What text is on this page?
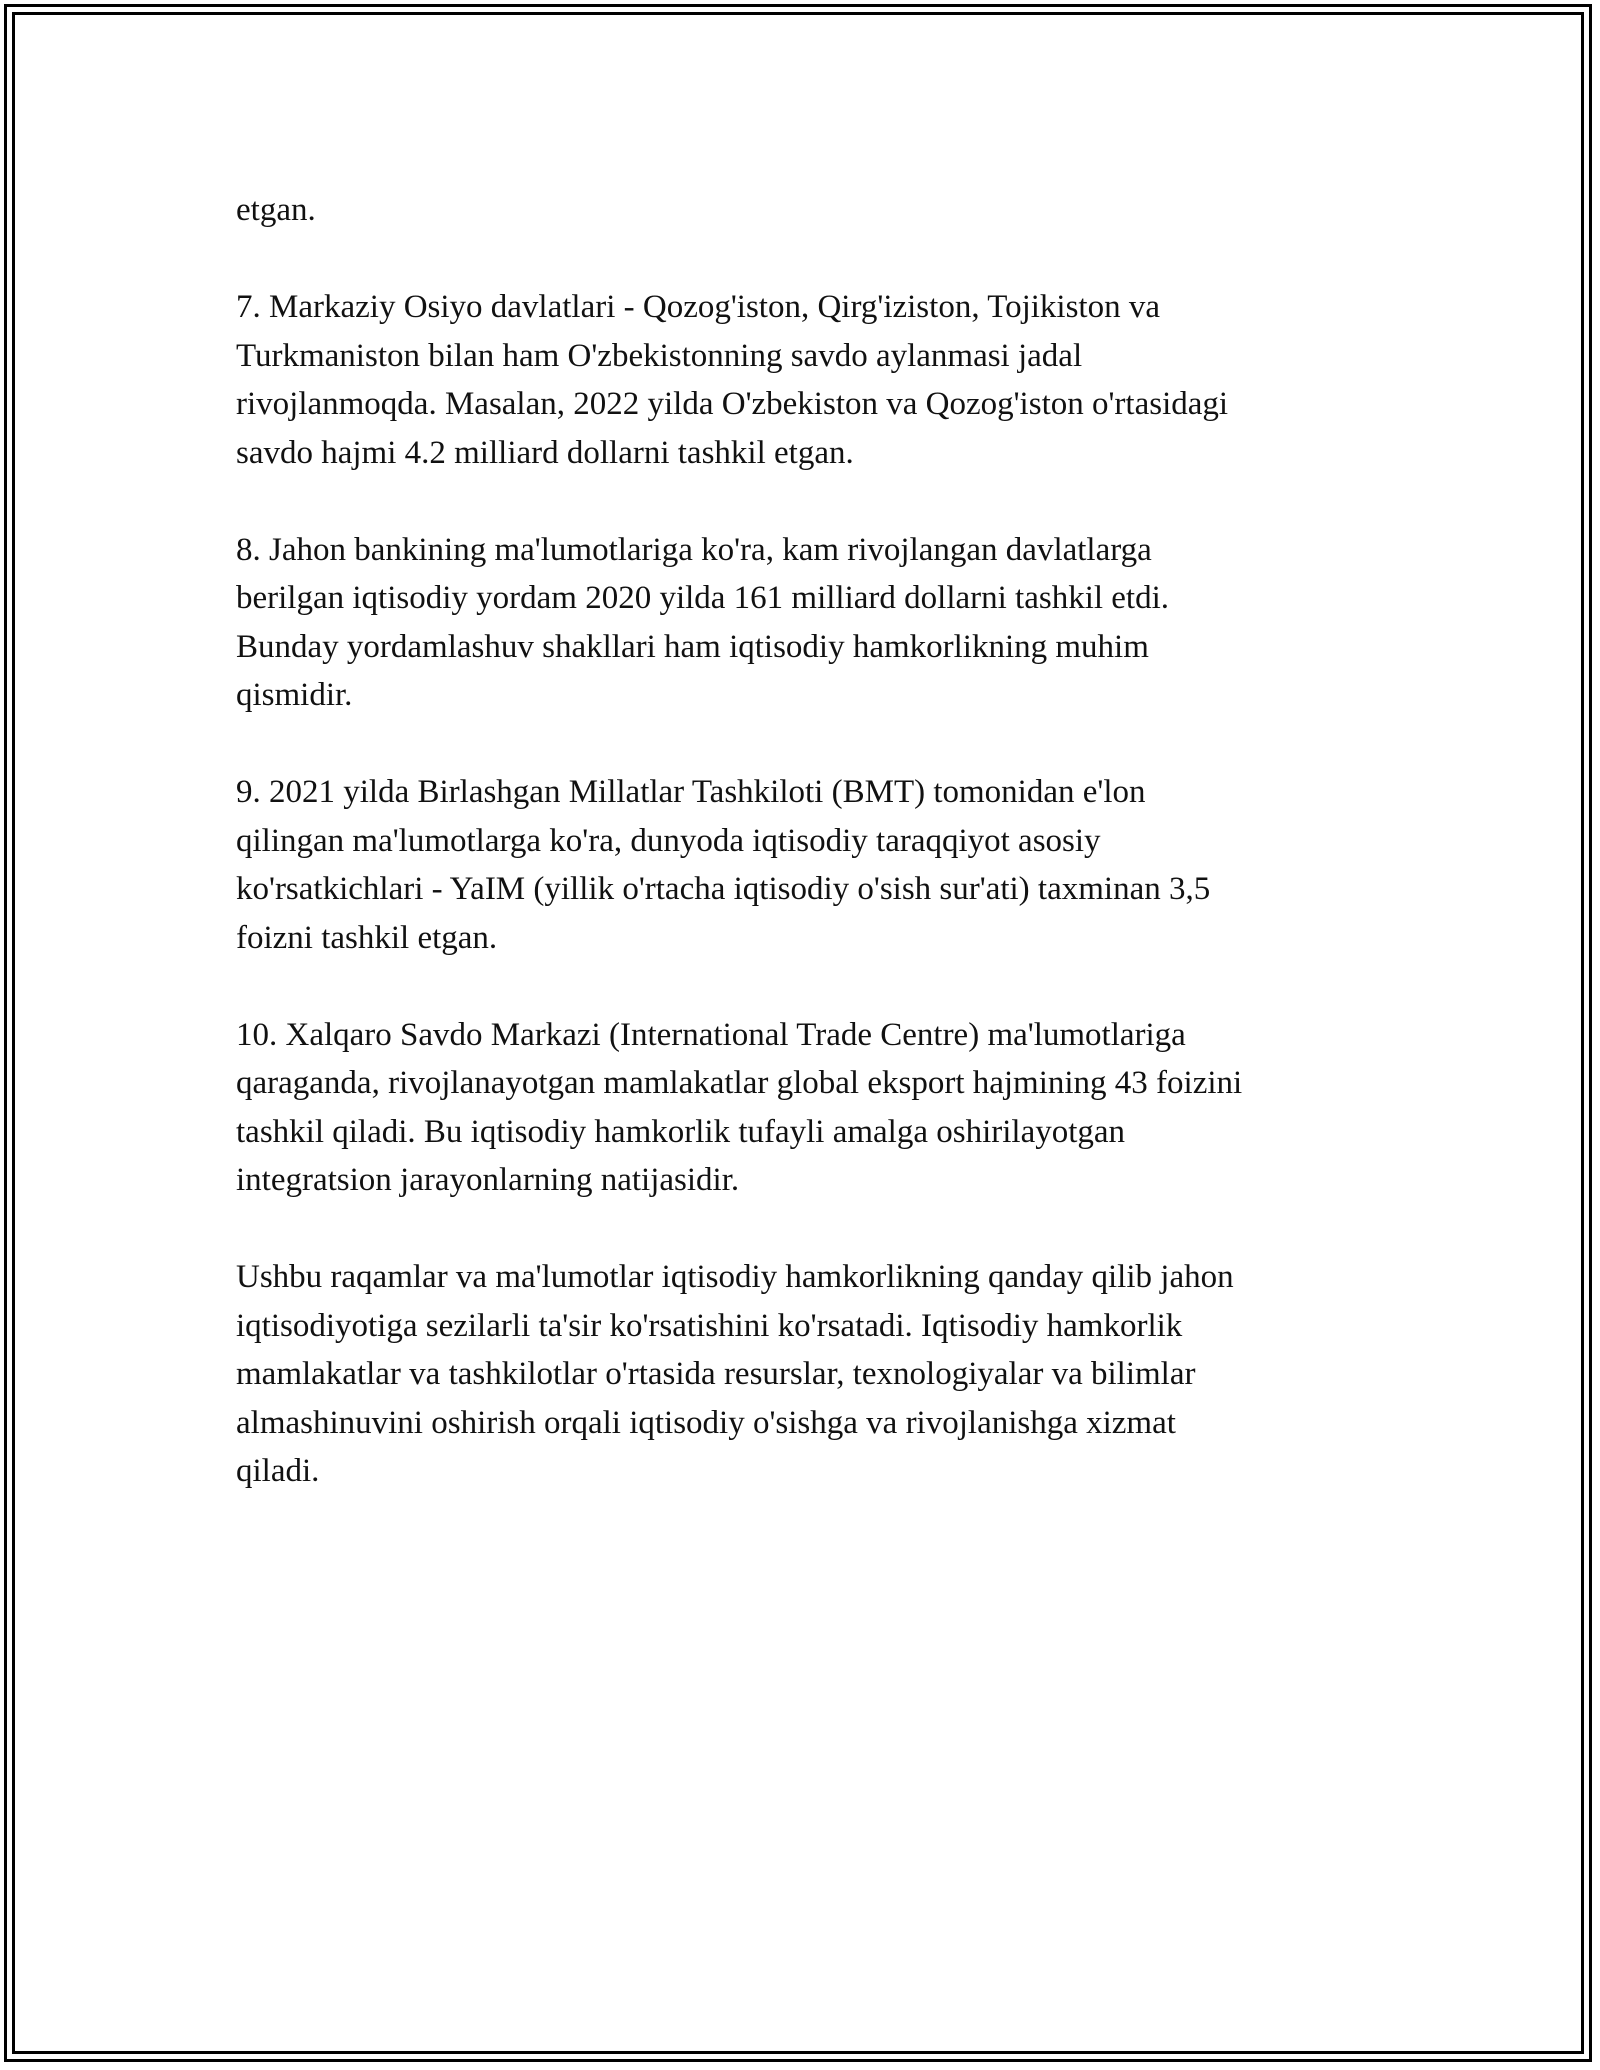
etgan.

7. Markaziy Osiyo davlatlari - Qozog'iston, Qirg'iziston, Tojikiston va
Turkmaniston bilan ham O'zbekistonning savdo aylanmasi jadal
rivojlanmoqda. Masalan, 2022 yilda O'zbekiston va Qozog'iston o'rtasidagi
savdo hajmi 4.2 milliard dollarni tashkil etgan.

8. Jahon bankining ma'lumotlariga ko'ra, kam rivojlangan davlatlarga
berilgan iqtisodiy yordam 2020 yilda 161 milliard dollarni tashkil etdi.
Bunday yordamlashuv shakllari ham iqtisodiy hamkorlikning muhim
qismidir.

9. 2021 yilda Birlashgan Millatlar Tashkiloti (BMT) tomonidan e'lon
qilingan ma'lumotlarga ko'ra, dunyoda iqtisodiy taraqqiyot asosiy
ko'rsatkichlari - YaIM (yillik o'rtacha iqtisodiy o'sish sur'ati) taxminan 3,5
foizni tashkil etgan.

10. Xalqaro Savdo Markazi (International Trade Centre) ma'lumotlariga
qaraganda, rivojlanayotgan mamlakatlar global eksport hajmining 43 foizini
tashkil qiladi. Bu iqtisodiy hamkorlik tufayli amalga oshirilayotgan
integratsion jarayonlarning natijasidir.

Ushbu raqamlar va ma'lumotlar iqtisodiy hamkorlikning qanday qilib jahon
iqtisodiyotiga sezilarli ta'sir ko'rsatishini ko'rsatadi. Iqtisodiy hamkorlik
mamlakatlar va tashkilotlar o'rtasida resurslar, texnologiyalar va bilimlar
almashinuvini oshirish orqali iqtisodiy o'sishga va rivojlanishga xizmat
qiladi.
